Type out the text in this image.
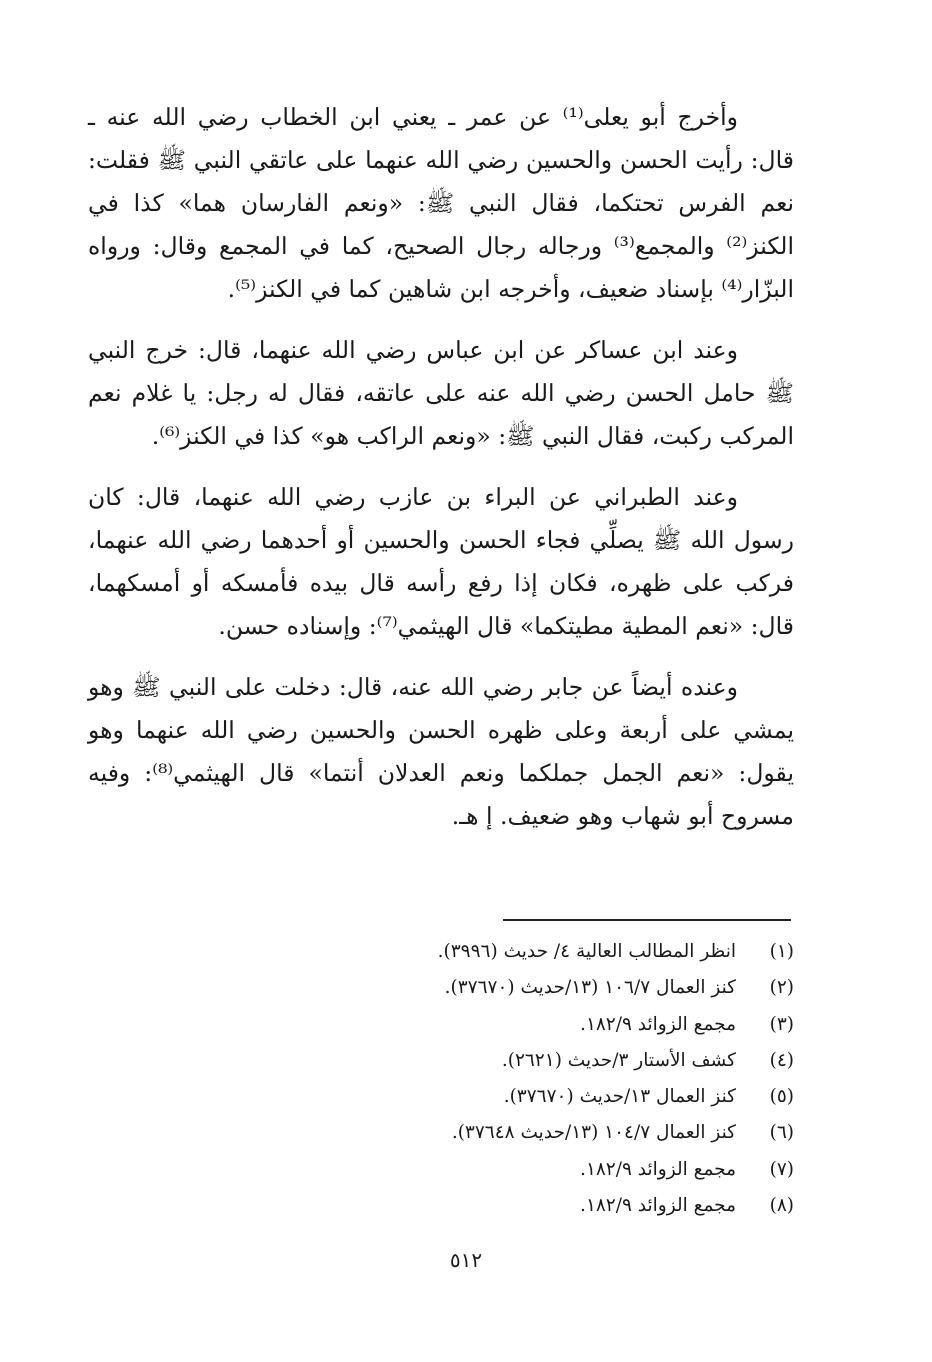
وأخرج أبو يعلى⁽¹⁾ عن عمر ـ يعني ابن الخطاب رضي الله عنه ـ قال: رأيت الحسن والحسين رضي الله عنهما على عاتقي النبي ﷺ فقلت: نعم الفرس تحتكما، فقال النبي ﷺ: «ونعم الفارسان هما» كذا في الكنز⁽²⁾ والمجمع⁽³⁾ ورجاله رجال الصحيح، كما في المجمع وقال: ورواه البزّار⁽⁴⁾ بإسناد ضعيف، وأخرجه ابن شاهين كما في الكنز⁽⁵⁾.

وعند ابن عساكر عن ابن عباس رضي الله عنهما، قال: خرج النبي ﷺ حامل الحسن رضي الله عنه على عاتقه، فقال له رجل: يا غلام نعم المركب ركبت، فقال النبي ﷺ: «ونعم الراكب هو» كذا في الكنز⁽⁶⁾.

وعند الطبراني عن البراء بن عازب رضي الله عنهما، قال: كان رسول الله ﷺ يصلِّي فجاء الحسن والحسين أو أحدهما رضي الله عنهما، فركب على ظهره، فكان إذا رفع رأسه قال بيده فأمسكه أو أمسكهما، قال: «نعم المطية مطيتكما» قال الهيثمي⁽⁷⁾: وإسناده حسن.

وعنده أيضاً عن جابر رضي الله عنه، قال: دخلت على النبي ﷺ وهو يمشي على أربعة وعلى ظهره الحسن والحسين رضي الله عنهما وهو يقول: «نعم الجمل جملكما ونعم العدلان أنتما» قال الهيثمي⁽⁸⁾: وفيه مسروح أبو شهاب وهو ضعيف. إ هـ.

(١)
انظر المطالب العالية ٤/ حديث (٣٩٩٦).
(٢)
كنز العمال ١٠٦/٧ (١٣/حديث (٣٧٦٧٠).
(٣)
مجمع الزوائد ١٨٢/٩.
(٤)
كشف الأستار ٣/حديث (٢٦٢١).
(٥)
كنز العمال ١٣/حديث (٣٧٦٧٠).
(٦)
كنز العمال ١٠٤/٧ (١٣/حديث ٣٧٦٤٨).
(٧)
مجمع الزوائد ١٨٢/٩.
(٨)
مجمع الزوائد ١٨٢/٩.
٥١٢
